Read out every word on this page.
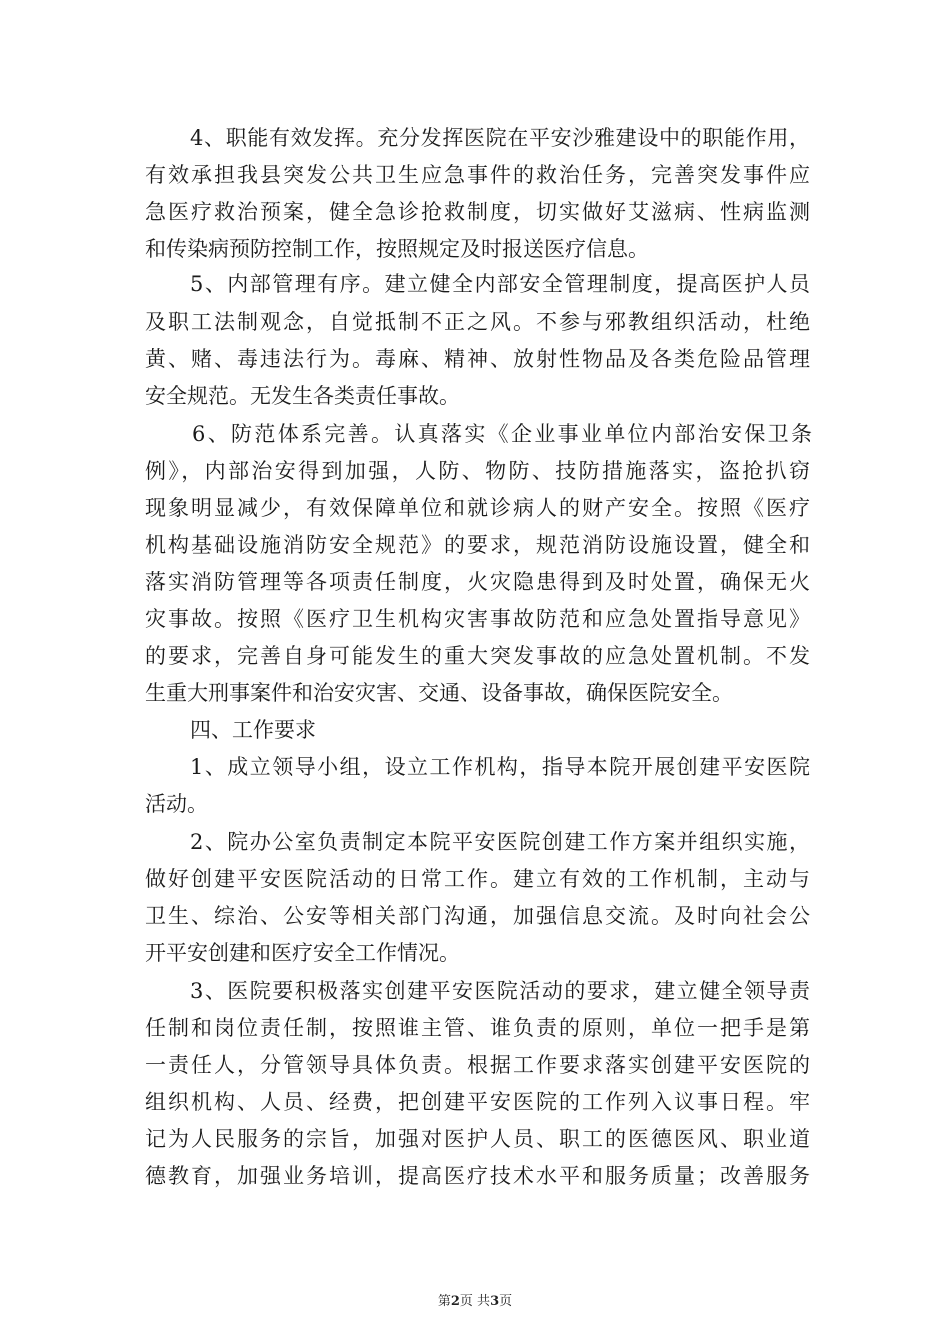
4、职能有效发挥。充分发挥医院在平安沙雅建设中的职能作用，
有效承担我县突发公共卫生应急事件的救治任务，完善突发事件应
急医疗救治预案，健全急诊抢救制度，切实做好艾滋病、性病监测
和传染病预防控制工作，按照规定及时报送医疗信息。
5、内部管理有序。建立健全内部安全管理制度，提高医护人员
及职工法制观念，自觉抵制不正之风。不参与邪教组织活动，杜绝
黄、赌、毒违法行为。毒麻、精神、放射性物品及各类危险品管理
安全规范。无发生各类责任事故。
6、防范体系完善。认真落实《企业事业单位内部治安保卫条
例》，内部治安得到加强，人防、物防、技防措施落实，盗抢扒窃
现象明显减少，有效保障单位和就诊病人的财产安全。按照《医疗
机构基础设施消防安全规范》的要求，规范消防设施设置，健全和
落实消防管理等各项责任制度，火灾隐患得到及时处置，确保无火
灾事故。按照《医疗卫生机构灾害事故防范和应急处置指导意见》
的要求，完善自身可能发生的重大突发事故的应急处置机制。不发
生重大刑事案件和治安灾害、交通、设备事故，确保医院安全。
四、工作要求
1、成立领导小组，设立工作机构，指导本院开展创建平安医院
活动。
2、院办公室负责制定本院平安医院创建工作方案并组织实施，
做好创建平安医院活动的日常工作。建立有效的工作机制，主动与
卫生、综治、公安等相关部门沟通，加强信息交流。及时向社会公
开平安创建和医疗安全工作情况。
3、医院要积极落实创建平安医院活动的要求，建立健全领导责
任制和岗位责任制，按照谁主管、谁负责的原则，单位一把手是第
一责任人，分管领导具体负责。根据工作要求落实创建平安医院的
组织机构、人员、经费，把创建平安医院的工作列入议事日程。牢
记为人民服务的宗旨，加强对医护人员、职工的医德医风、职业道
德教育，加强业务培训，提高医疗技术水平和服务质量；改善服务
第2页 共3页
